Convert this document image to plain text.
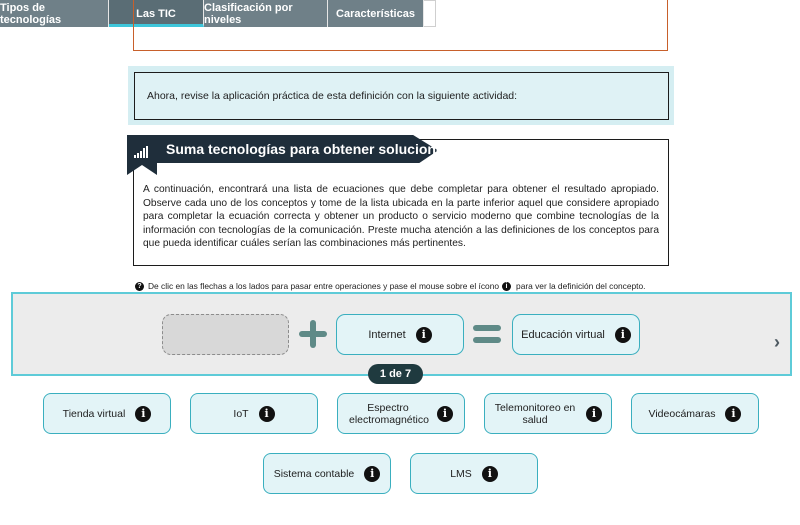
Tipos de tecnologías	Las TIC	Clasificación por niveles	Características
Ahora, revise la aplicación práctica de esta definición con la siguiente actividad:
Suma tecnologías para obtener soluciones
A continuación, encontrará una lista de ecuaciones que debe completar para obtener el resultado apropiado. Observe cada uno de los conceptos y tome de la lista ubicada en la parte inferior aquel que considere apropiado para completar la ecuación correcta y obtener un producto o servicio moderno que combine tecnologías de la información con tecnologías de la comunicación. Preste mucha atención a las definiciones de los conceptos para que pueda identificar cuáles serían las combinaciones más pertinentes.
? De clic en las flechas a los lados para pasar entre operaciones y pase el mouse sobre el ícono i	para ver la definición del concepto.
Internet	i	Educación virtual	i	›
1 de 7
Tienda virtual	i	IoT	i	Espectro electromagnético	i	Telemonitoreo en salud	i	Videocámaras	i
Sistema contable	i	LMS	i
